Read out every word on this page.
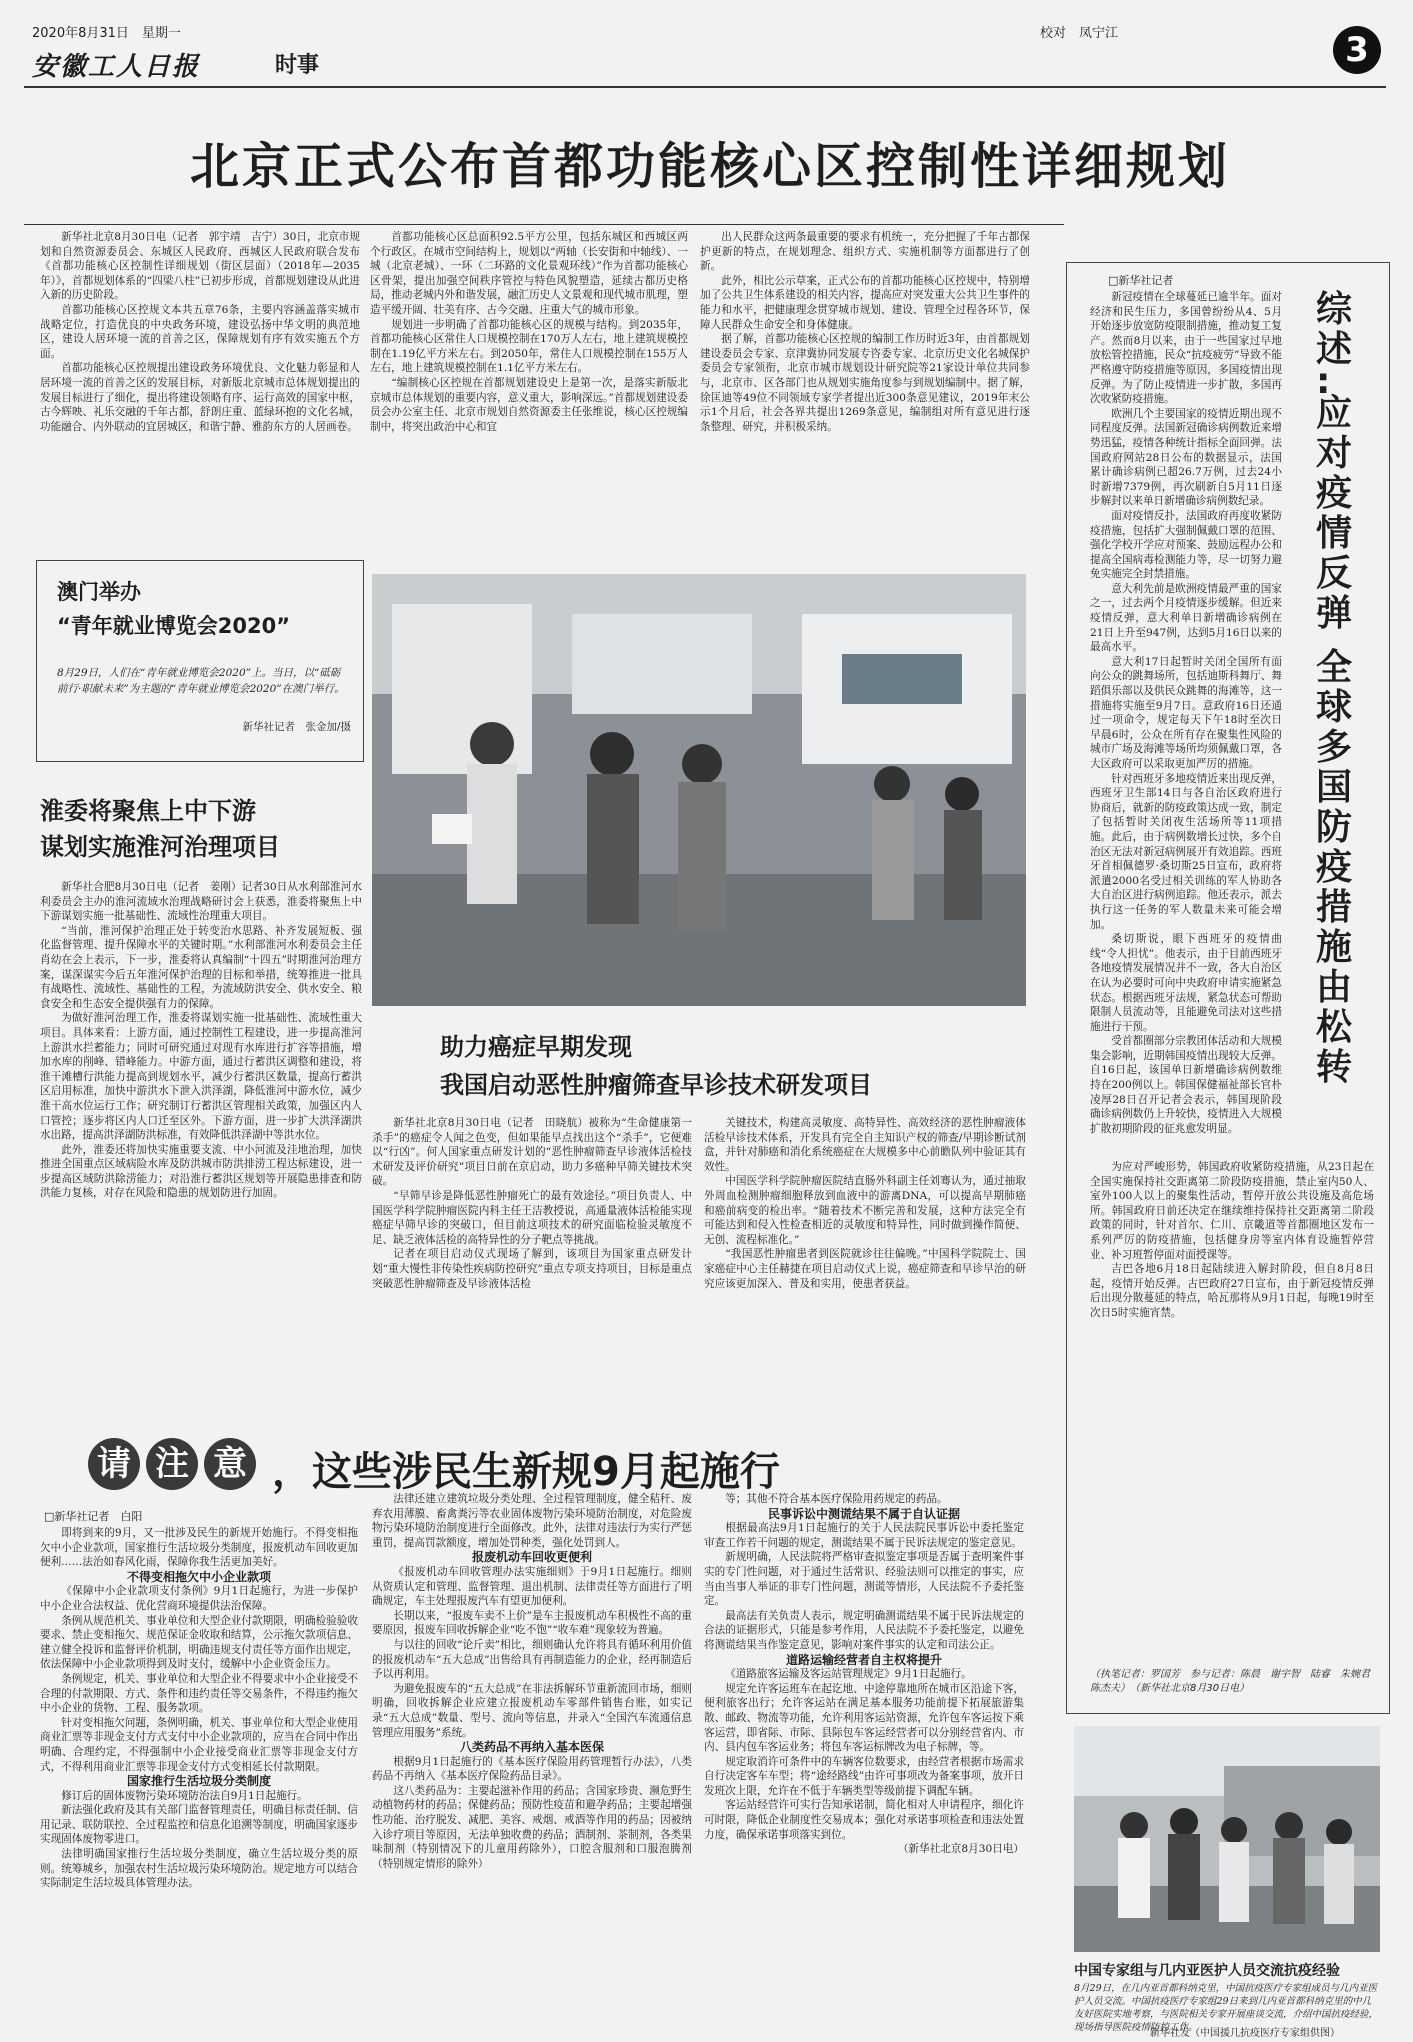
2020年8月31日　星期一
安徽工人日报	时事
校对　凤宁江	3
北京正式公布首都功能核心区控制性详细规划

新华社北京8月30日电（记者　郭宇靖　吉宁）30日，北京市规划和自然资源委员会、东城区人民政府、西城区人民政府联合发布《首都功能核心区控制性详细规划（街区层面）（2018年—2035年）》，首都规划体系的“四梁八柱”已初步形成，首都规划建设从此进入新的历史阶段。

首都功能核心区控规文本共五章76条，主要内容涵盖落实城市战略定位，打造优良的中央政务环境，建设弘扬中华文明的典范地区，建设人居环境一流的首善之区，保障规划有序有效实施五个方面。

首都功能核心区控规提出建设政务环境优良、文化魅力彰显和人居环境一流的首善之区的发展目标，对新版北京城市总体规划提出的发展目标进行了细化，提出将建设领略有序、运行高效的国家中枢，古今辉映、礼乐交融的千年古都，舒朗庄重、蓝绿环抱的文化名城，功能融合、内外联动的宜居城区，和谐宁静、雅韵东方的人居画卷。

首都功能核心区总面积92.5平方公里，包括东城区和西城区两个行政区。在城市空间结构上，规划以“两轴（长安街和中轴线）、一城（北京老城）、一环（二环路的文化景观环线）”作为首都功能核心区骨架，提出加强空间秩序管控与特色风貌塑造，延续古都历史格局，推动老城内外和谐发展，融汇历史人文景观和现代城市肌理，塑造平缓开阔、壮美有序、古今交融、庄重大气的城市形象。

规划进一步明确了首都功能核心区的规模与结构。到2035年，首都功能核心区常住人口规模控制在170万人左右，地上建筑规模控制在1.19亿平方米左右。到2050年，常住人口规模控制在155万人左右，地上建筑规模控制在1.1亿平方米左右。

“编制核心区控规在首都规划建设史上是第一次，是落实新版北京城市总体规划的重要内容，意义重大，影响深远。”首都规划建设委员会办公室主任、北京市规划自然资源委主任张维说，核心区控规编制中，将突出政治中心和宜

出人民群众这两条最重要的要求有机统一，充分把握了千年古都保护更新的特点，在规划理念、组织方式、实施机制等方面都进行了创新。

此外，相比公示草案，正式公布的首都功能核心区控规中，特别增加了公共卫生体系建设的相关内容，提高应对突发重大公共卫生事件的能力和水平，把健康理念贯穿城市规划、建设、管理全过程各环节，保障人民群众生命安全和身体健康。

据了解，首都功能核心区控规的编制工作历时近3年，由首都规划建设委员会专家、京津冀协同发展专咨委专家、北京历史文化名城保护委员会专家领衔，北京市城市规划设计研究院等21家设计单位共同参与，北京市、区各部门也从规划实施角度参与到规划编制中。据了解，徐匡迪等49位不同领域专家学者提出近300条意见建议，2019年末公示1个月后，社会各界共提出1269条意见，编制组对所有意见进行逐条整理、研究，并积极采纳。

澳门举办
“青年就业博览会2020”
8月29日，人们在“青年就业博览会2020”上。当日，以“砥砺前行·职献未来”为主题的“青年就业博览会2020”在澳门举行。
新华社记者　张金加/摄
淮委将聚焦上中下游
谋划实施淮河治理项目

新华社合肥8月30日电（记者　姜刚）记者30日从水利部淮河水利委员会主办的淮河流域水治理战略研讨会上获悉，淮委将聚焦上中下游谋划实施一批基础性、流域性治理重大项目。

“当前，淮河保护治理正处于转变治水思路、补齐发展短板、强化监督管理、提升保障水平的关键时期。”水利部淮河水利委员会主任肖幼在会上表示，下一步，淮委将认真编制“十四五”时期淮河治理方案，谋深谋实今后五年淮河保护治理的目标和举措，统筹推进一批具有战略性、流域性、基础性的工程，为流域防洪安全、供水安全、粮食安全和生态安全提供强有力的保障。

为做好淮河治理工作，淮委将谋划实施一批基础性、流域性重大项目。具体来看：上游方面，通过控制性工程建设，进一步提高淮河上游洪水拦蓄能力；同时可研究通过对现有水库进行扩容等措施，增加水库的削峰、错峰能力。中游方面，通过行蓄洪区调整和建设，将淮干滩槽行洪能力提高到规划水平，减少行蓄洪区数量，提高行蓄洪区启用标准，加快中游洪水下泄入洪泽湖，降低淮河中游水位，减少淮干高水位运行工作；研究制订行蓄洪区管理相关政策，加强区内人口管控；逐步将区内人口迁至区外。下游方面，进一步扩大洪泽湖洪水出路，提高洪泽湖防洪标准，有效降低洪泽湖中等洪水位。

此外，淮委还将加快实施重要支流、中小河流及洼地治理，加快推进全国重点区域病险水库及防洪城市防洪排涝工程达标建设，进一步提高区域防洪除涝能力；对沿淮行蓄洪区规划等开展隐患排查和防洪能力复核，对存在风险和隐患的规划防进行加固。

助力癌症早期发现
我国启动恶性肿瘤筛查早诊技术研发项目

新华社北京8月30日电（记者　田晓航）被称为“生命健康第一杀手”的癌症令人闻之色变，但如果能早点找出这个“杀手”，它便难以“行凶”。何人国家重点研发计划的“恶性肿瘤筛查早诊液体活检技术研发及评价研究”项目日前在京启动，助力多癌种早筛关键技术突破。

“早筛早诊是降低恶性肿瘤死亡的最有效途径。”项目负责人、中国医学科学院肿瘤医院内科主任王洁教授说，高通量液体活检能实现癌症早筛早诊的突破口，但目前这项技术的研究面临检验灵敏度不足、缺乏液体活检的高特异性的分子靶点等挑战。

记者在项目启动仪式现场了解到，该项目为国家重点研发计划“重大慢性非传染性疾病防控研究”重点专项支持项目，目标是重点突破恶性肿瘤筛查及早诊液体活检

关键技术，构建高灵敏度、高特异性、高效经济的恶性肿瘤液体活检早诊技术体系，开发具有完全自主知识产权的筛查/早期诊断试剂盒，并针对肺癌和消化系统癌症在大规模多中心前瞻队列中验证其有效性。

中国医学科学院肿瘤医院结直肠外科副主任刘骞认为，通过抽取外周血检测肿瘤细胞释放到血液中的游离DNA，可以提高早期肺癌和癌前病变的检出率。“随着技术不断完善和发展，这种方法完全有可能达到和侵入性检查相近的灵敏度和特异性，同时做到操作简便、无创、流程标准化。”

“我国恶性肿瘤患者到医院就诊往往偏晚。”中国科学院院士、国家癌症中心主任赫捷在项目启动仪式上说，癌症筛查和早诊早治的研究应该更加深入、普及和实用，使患者获益。

请 注 意 ，这些涉民生新规9月起施行
□新华社记者　白阳

即将到来的9月，又一批涉及民生的新规开始施行。不得变相拖欠中小企业款项，国家推行生活垃圾分类制度，报废机动车回收更加便利……法治如春风化雨，保障你我生活更加美好。

不得变相拖欠中小企业款项

《保障中小企业款项支付条例》9月1日起施行，为进一步保护中小企业合法权益、优化营商环境提供法治保障。

条例从规范机关、事业单位和大型企业付款期限，明确检验验收要求、禁止变相拖欠、规范保证金收取和结算，公示拖欠款项信息、建立健全投诉和监督评价机制，明确违规支付责任等方面作出规定，依法保障中小企业款项得到及时支付，缓解中小企业资金压力。

条例规定，机关、事业单位和大型企业不得要求中小企业接受不合理的付款期限、方式、条件和违约责任等交易条件，不得违约拖欠中小企业的货物、工程、服务款项。

针对变相拖欠问题，条例明确，机关、事业单位和大型企业使用商业汇票等非现金支付方式支付中小企业款项的，应当在合同中作出明确、合理约定，不得强制中小企业接受商业汇票等非现金支付方式，不得利用商业汇票等非现金支付方式变相延长付款期限。

国家推行生活垃圾分类制度

修订后的固体废物污染环境防治法自9月1日起施行。

新法强化政府及其有关部门监督管理责任，明确目标责任制、信用记录、联防联控、全过程监控和信息化追溯等制度，明确国家逐步实现固体废物零进口。

法律明确国家推行生活垃圾分类制度，确立生活垃圾分类的原则。统筹城乡，加强农村生活垃圾污染环境防治。规定地方可以结合实际制定生活垃圾具体管理办法。

法律还建立建筑垃圾分类处理、全过程管理制度，健全秸秆、废弃农用薄膜、畜禽粪污等农业固体废物污染环境防治制度，对危险废物污染环境防治制度进行全面修改。此外，法律对违法行为实行严惩重罚，提高罚款额度，增加处罚种类，强化处罚到人。

报废机动车回收更便利

《报废机动车回收管理办法实施细则》于9月1日起施行。细则从资质认定和管理、监督管理、退出机制、法律责任等方面进行了明确规定，车主处理报废汽车有望更加便利。

长期以来，“报废车卖不上价”是车主报废机动车积极性不高的重要原因，报废车回收拆解企业“吃不饱”“收车难”现象较为普遍。

与以往的回收“论斤卖”相比，细则确认允许将具有循环利用价值的报废机动车“五大总成”出售给具有再制造能力的企业，经再制造后予以再利用。

为避免报废车的“五大总成”在非法拆解环节重新流回市场，细则明确，回收拆解企业应建立报废机动车零部件销售台账，如实记录“五大总成”数量、型号、流向等信息，并录入“全国汽车流通信息管理应用服务”系统。

八类药品不再纳入基本医保

根据9月1日起施行的《基本医疗保险用药管理暂行办法》，八类药品不再纳入《基本医疗保险药品目录》。

这八类药品为：主要起滋补作用的药品；含国家珍贵、濒危野生动植物药材的药品；保健药品；预防性疫苗和避孕药品；主要起增强性功能、治疗脱发、减肥、美容、戒烟、戒酒等作用的药品；因被纳入诊疗项目等原因，无法单独收费的药品；酒制剂、茶制剂，各类果味制剂（特别情况下的儿童用药除外），口腔含服剂和口服泡腾剂（特别规定情形的除外）

等；其他不符合基本医疗保险用药规定的药品。

民事诉讼中测谎结果不属于自认证据

根据最高法9月1日起施行的关于人民法院民事诉讼中委托鉴定审查工作若干问题的规定，测谎结果不属于民诉法规定的鉴定意见。

新规明确，人民法院将严格审查拟鉴定事项是否属于查明案件事实的专门性问题，对于通过生活常识、经验法则可以推定的事实，应当由当事人举证的非专门性问题，测谎等情形，人民法院不予委托鉴定。

最高法有关负责人表示，规定明确测谎结果不属于民诉法规定的合法的证据形式，只能是参考作用，人民法院不予委托鉴定，以避免将测谎结果当作鉴定意见，影响对案件事实的认定和司法公正。

道路运输经营者自主权将提升

《道路旅客运输及客运站管理规定》9月1日起施行。

规定允许客运班车在起讫地、中途停靠地所在城市区沿途下客，便利旅客出行；允许客运站在满足基本服务功能前提下拓展旅游集散、邮政、物流等功能，允许利用客运站资源，允许包车客运按下乘客运营，即省际、市际、县际包车客运经营者可以分别经营省内、市内、县内包车客运业务；将包车客运标牌改为电子标牌，等。

规定取消许可条件中的车辆客位数要求，由经营者根据市场需求自行决定客车车型；将“途经路线”由许可事项改为备案事项，放开日发班次上限，允许在不低于车辆类型等级前提下调配车辆。

客运站经营许可实行告知承诺制，简化相对人申请程序，细化许可时限，降低企业制度性交易成本；强化对承诺事项检查和违法处置力度，确保承诺事项落实到位。

（新华社北京8月30日电）

□新华社记者

新冠疫情在全球蔓延已逾半年。面对经济和民生压力，多国曾纷纷从4、5月开始逐步放宽防疫限制措施，推动复工复产。然而8月以来，由于一些国家过早地放松管控措施，民众“抗疫疲劳”导致不能严格遵守防疫措施等原因，多国疫情出现反弹。为了防止疫情进一步扩散，多国再次收紧防疫措施。

欧洲几个主要国家的疫情近期出现不同程度反弹。法国新冠确诊病例数近来增势迅猛，疫情各种统计指标全面回弹。法国政府网站28日公布的数据显示，法国累计确诊病例已超26.7万例，过去24小时新增7379例，再次刷新自5月11日逐步解封以来单日新增确诊病例数纪录。

面对疫情反扑，法国政府再度收紧防疫措施，包括扩大强制佩戴口罩的范围、强化学校开学应对预案、鼓励远程办公和提高全国病毒检测能力等，尽一切努力避免实施完全封禁措施。

意大利先前是欧洲疫情最严重的国家之一，过去两个月疫情逐步缓解。但近来疫情反弹，意大利单日新增确诊病例在21日上升至947例，达到5月16日以来的最高水平。

意大利17日起暂时关闭全国所有面向公众的跳舞场所，包括迪斯科舞厅、舞蹈俱乐部以及供民众跳舞的海滩等，这一措施将实施至9月7日。意政府16日还通过一项命令，规定每天下午18时至次日早晨6时，公众在所有存在聚集性风险的城市广场及海滩等场所均须佩戴口罩，各大区政府可以采取更加严厉的措施。

针对西班牙多地疫情近来出现反弹，西班牙卫生部14日与各自治区政府进行协商后，就新的防疫政策达成一致，制定了包括暂时关闭夜生活场所等11项措施。此后，由于病例数增长过快，多个自治区无法对新冠病例展开有效追踪。西班牙首相佩德罗·桑切斯25日宣布，政府将派遣2000名受过相关训练的军人协助各大自治区进行病例追踪。他还表示，派去执行这一任务的军人数量未来可能会增加。

桑切斯说，眼下西班牙的疫情曲线“令人担忧”。他表示，由于目前西班牙各地疫情发展情况并不一致，各大自治区在认为必要时可向中央政府申请实施紧急状态。根据西班牙法规，紧急状态可帮助限制人员流动等，且能避免司法对这些措施进行干预。

受首都圈部分宗教团体活动和大规模集会影响，近期韩国疫情出现较大反弹。自16日起，该国单日新增确诊病例数维持在200例以上。韩国保健福祉部长官朴凌厚28日召开记者会表示，韩国现阶段确诊病例数仍上升较快，疫情进入大规模扩散初期阶段的征兆愈发明显。

为应对严峻形势，韩国政府收紧防疫措施，从23日起在全国实施保持社交距离第二阶段防疫措施，禁止室内50人、室外100人以上的聚集性活动，暂停开放公共设施及高危场所。韩国政府日前还决定在继续维持保持社交距离第二阶段政策的同时，针对首尔、仁川、京畿道等首都圈地区发布一系列严厉的防疫措施，包括健身房等室内体育设施暂停营业、补习班暂停面对面授课等。

吉巴各地6月18日起陆续进入解封阶段，但自8月8日起，疫情开始反弹。古巴政府27日宣布，由于新冠疫情反弹后出现分散蔓延的特点，哈瓦那将从9月1日起，每晚19时至次日5时实施宵禁。

综
述
:
应
对
疫
情
反
弹
全
球
多
国
防
疫
措
施
由
松
转
（执笔记者：罗国芳　参与记者：陈晨　谢宇智　陆睿　朱婉君　陈杰夫）　（新华社北京8月30日电）
中国专家组与几内亚医护人员交流抗疫经验
8月29日，在几内亚首都科纳克里，中国抗疫医疗专家组成员与几内亚医护人员交流。中国抗疫医疗专家组29日来到几内亚首都科纳克里的中几友好医院实地考察，与医院相关专家开展座谈交流，介绍中国抗疫经验，现场指导医院疫情防控工作。
新华社发（中国援几抗疫医疗专家组供图）
